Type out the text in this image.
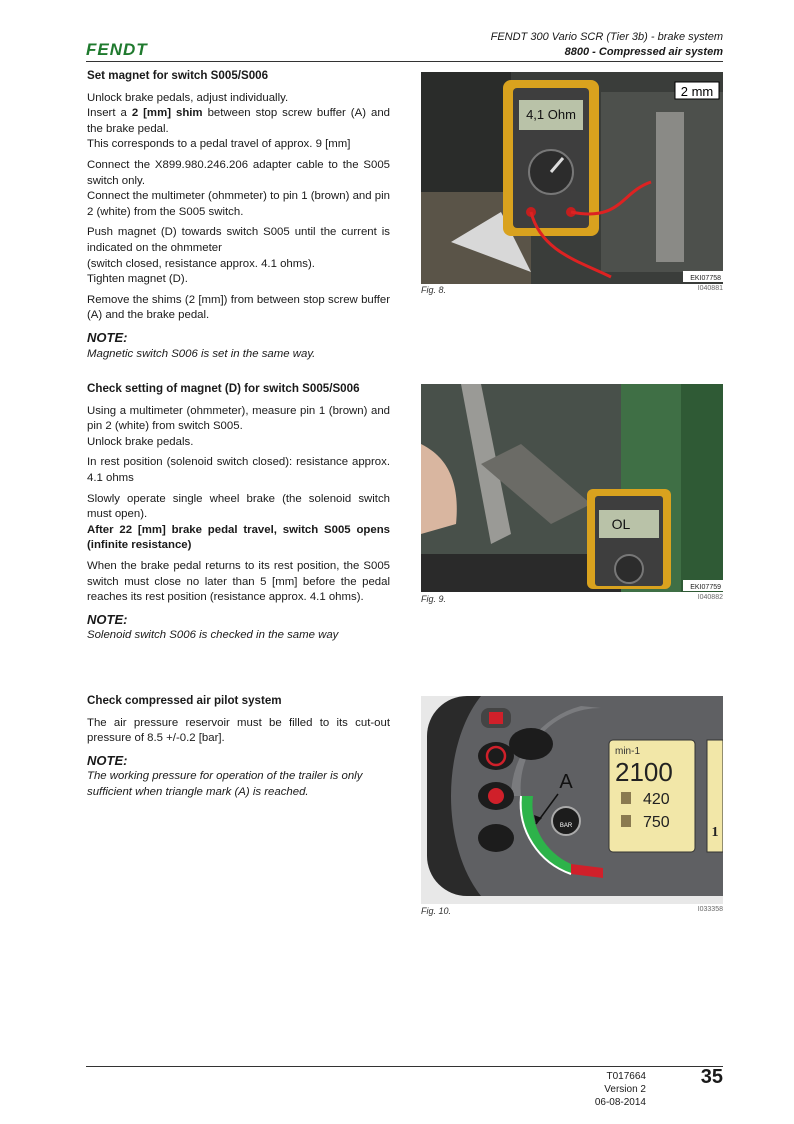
FENDT
FENDT 300 Vario SCR (Tier 3b) - brake system
8800 - Compressed air system
Set magnet for switch S005/S006

Unlock brake pedals, adjust individually.

Insert a 2 [mm] shim between stop screw buffer (A) and the brake pedal.

This corresponds to a pedal travel of approx. 9 [mm]

Connect the X899.980.246.206 adapter cable to the S005 switch only.

Connect the multimeter (ohmmeter) to pin 1 (brown) and pin 2 (white) from the S005 switch.

Push magnet (D) towards switch S005 until the current is indicated on the ohmmeter

(switch closed, resistance approx. 4.1 ohms).

Tighten magnet (D).

Remove the shims (2 [mm]) from between stop screw buffer (A) and the brake pedal.

NOTE:
Magnetic switch S006 is set in the same way.
Check setting of magnet (D) for switch S005/S006

Using a multimeter (ohmmeter), measure pin 1 (brown) and pin 2 (white) from switch S005.

Unlock brake pedals.

In rest position (solenoid switch closed): resistance approx. 4.1 ohms

Slowly operate single wheel brake (the solenoid switch must open).

After 22 [mm] brake pedal travel, switch S005 opens (infinite resistance)

When the brake pedal returns to its rest position, the S005 switch must close no later than 5 [mm] before the pedal reaches its rest position (resistance approx. 4.1 ohms).

NOTE:
Solenoid switch S006 is checked in the same way
Check compressed air pilot system

The air pressure reservoir must be filled to its cut-out pressure of 8.5 +/-0.2 [bar].

NOTE:
The working pressure for operation of the trailer is only sufficient when triangle mark (A) is reached.
4,1 Ohm
2 mm
EKI07758
Fig. 8.	I040881
OL
EKI07759
Fig. 9.	I040882
BAR
A
min-1
2100
420
750
1
Fig. 10.	I033358
T017664
Version 2
06-08-2014
35
